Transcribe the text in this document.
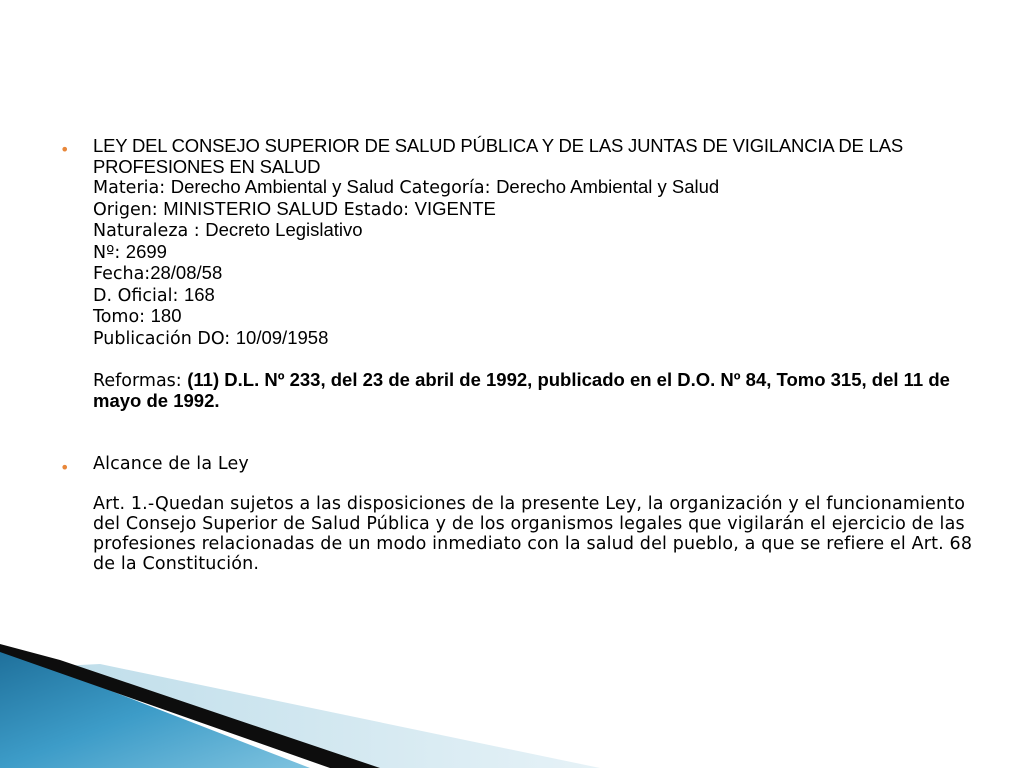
• LEY DEL CONSEJO SUPERIOR DE SALUD PÚBLICA Y DE LAS JUNTAS DE VIGILANCIA DE LAS PROFESIONES EN SALUD
Materia: Derecho Ambiental y Salud Categoría: Derecho Ambiental y Salud
Origen: MINISTERIO SALUD Estado: VIGENTE
Naturaleza : Decreto Legislativo
Nº: 2699
Fecha:28/08/58
D. Oficial: 168
Tomo: 180
Publicación DO: 10/09/1958
Reformas: (11) D.L. Nº 233, del 23 de abril de 1992, publicado en el D.O. Nº 84, Tomo 315, del 11 de mayo de 1992.
• Alcance de la Ley
Art. 1.-Quedan sujetos a las disposiciones de la presente Ley, la organización y el funcionamiento del Consejo Superior de Salud Pública y de los organismos legales que vigilarán el ejercicio de las profesiones relacionadas de un modo inmediato con la salud del pueblo, a que se refiere el Art. 68 de la Constitución.
